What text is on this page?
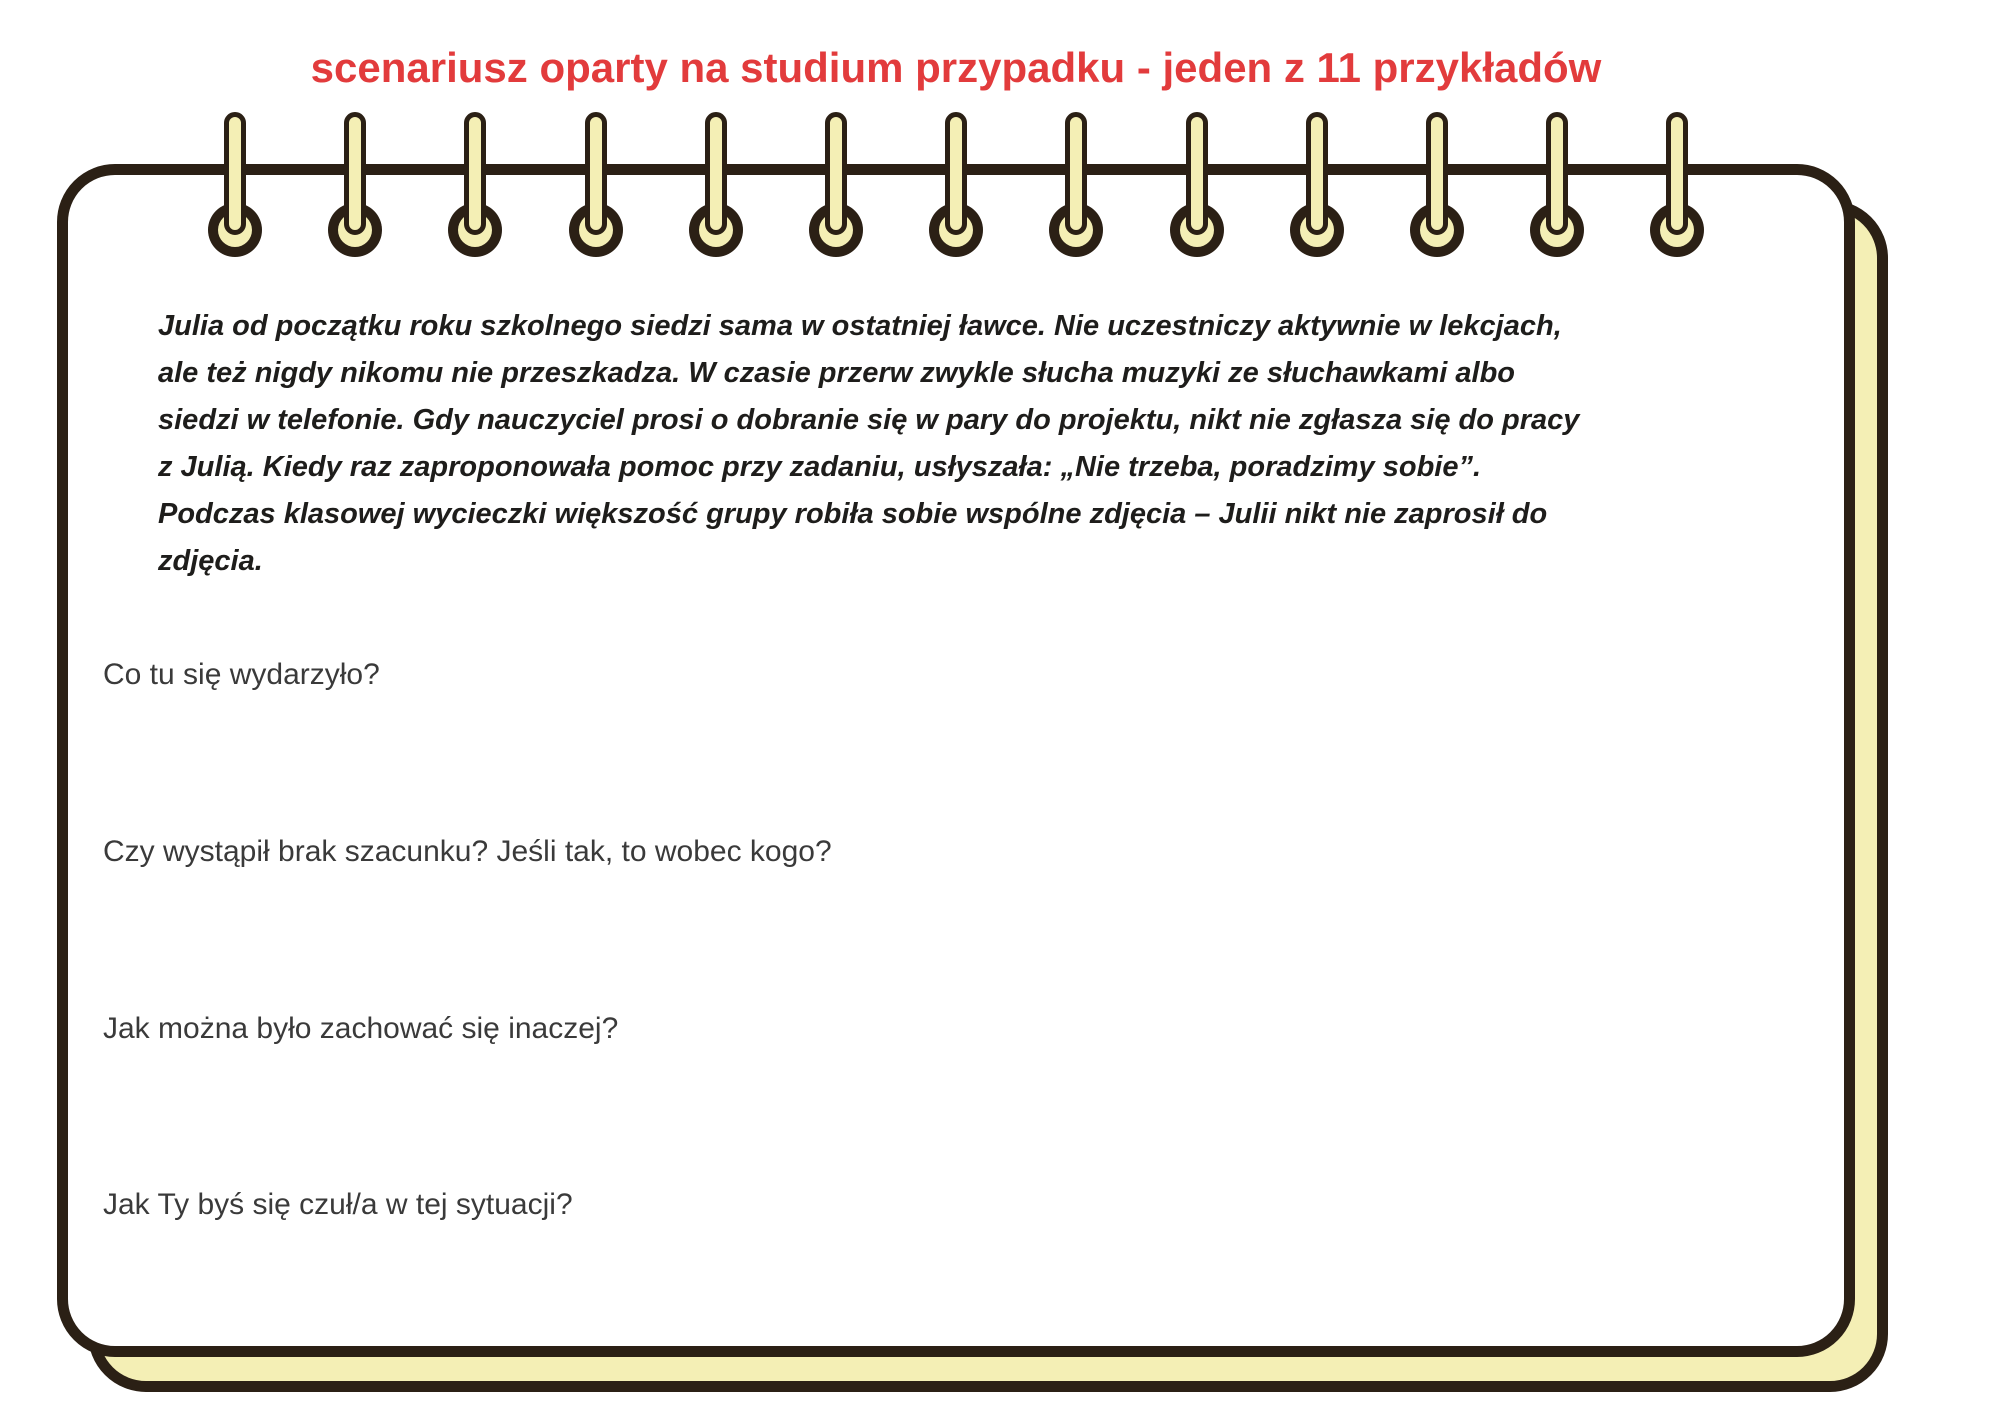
scenariusz oparty na studium przypadku - jeden z 11 przykładów
Julia od początku roku szkolnego siedzi sama w ostatniej ławce. Nie uczestniczy aktywnie w lekcjach,
ale też nigdy nikomu nie przeszkadza. W czasie przerw zwykle słucha muzyki ze słuchawkami albo
siedzi w telefonie. Gdy nauczyciel prosi o dobranie się w pary do projektu, nikt nie zgłasza się do pracy
z Julią. Kiedy raz zaproponowała pomoc przy zadaniu, usłyszała: „Nie trzeba, poradzimy sobie”.
Podczas klasowej wycieczki większość grupy robiła sobie wspólne zdjęcia – Julii nikt nie zaprosił do
zdjęcia.
Co tu się wydarzyło?
Czy wystąpił brak szacunku? Jeśli tak, to wobec kogo?
Jak można było zachować się inaczej?
Jak Ty byś się czuł/a w tej sytuacji?
